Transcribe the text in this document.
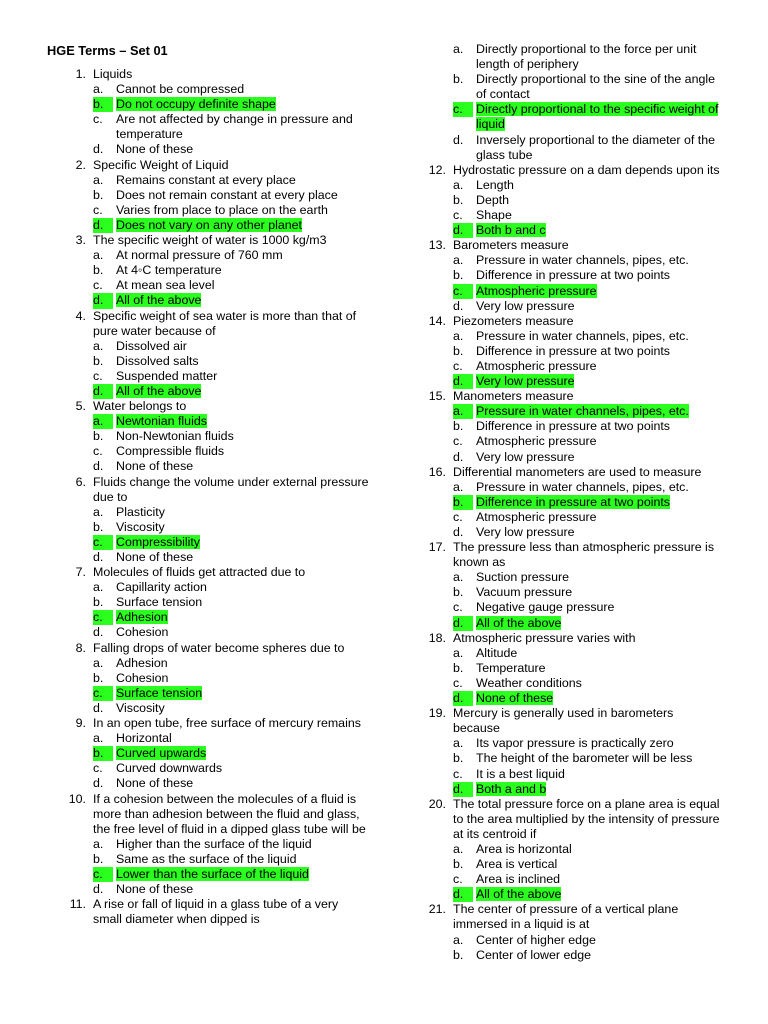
HGE Terms – Set 01
1. Liquids
a. Cannot be compressed
b.	Do not occupy definite shape
c. Are not affected by change in pressure and temperature
d. None of these
2. Specific Weight of Liquid
a. Remains constant at every place
b. Does not remain constant at every place
c. Varies from place to place on the earth
d.	Does not vary on any other planet
3. The specific weight of water is 1000 kg/m3
a. At normal pressure of 760 mm
b. At 4◦C temperature
c. At mean sea level
d.	All of the above
4. Specific weight of sea water is more than that of pure water because of
a. Dissolved air
b. Dissolved salts
c. Suspended matter
d.	All of the above
5. Water belongs to
a.	Newtonian fluids
b. Non-Newtonian fluids
c. Compressible fluids
d. None of these
6. Fluids change the volume under external pressure due to
a. Plasticity
b. Viscosity
c.	Compressibility
d. None of these
7. Molecules of fluids get attracted due to
a. Capillarity action
b. Surface tension
c.	Adhesion
d. Cohesion
8. Falling drops of water become spheres due to
a. Adhesion
b. Cohesion
c.	Surface tension
d. Viscosity
9. In an open tube, free surface of mercury remains
a. Horizontal
b.	Curved upwards
c. Curved downwards
d. None of these
10. If a cohesion between the molecules of a fluid is more than adhesion between the fluid and glass, the free level of fluid in a dipped glass tube will be
a. Higher than the surface of the liquid
b. Same as the surface of the liquid
c.	Lower than the surface of the liquid
d. None of these
11. A rise or fall of liquid in a glass tube of a very small diameter when dipped is
a. Directly proportional to the force per unit length of periphery
b. Directly proportional to the sine of the angle of contact
c.	Directly proportional to the specific weight of liquid
d. Inversely proportional to the diameter of the glass tube
12. Hydrostatic pressure on a dam depends upon its
a. Length
b. Depth
c. Shape
d.	Both b and c
13. Barometers measure
a. Pressure in water channels, pipes, etc.
b. Difference in pressure at two points
c.	Atmospheric pressure
d. Very low pressure
14. Piezometers measure
a. Pressure in water channels, pipes, etc.
b. Difference in pressure at two points
c. Atmospheric pressure
d.	Very low pressure
15. Manometers measure
a.	Pressure in water channels, pipes, etc.
b. Difference in pressure at two points
c. Atmospheric pressure
d. Very low pressure
16. Differential manometers are used to measure
a. Pressure in water channels, pipes, etc.
b.	Difference in pressure at two points
c. Atmospheric pressure
d. Very low pressure
17. The pressure less than atmospheric pressure is known as
a. Suction pressure
b. Vacuum pressure
c. Negative gauge pressure
d.	All of the above
18. Atmospheric pressure varies with
a. Altitude
b. Temperature
c. Weather conditions
d.	None of these
19. Mercury is generally used in barometers because
a. Its vapor pressure is practically zero
b. The height of the barometer will be less
c. It is a best liquid
d.	Both a and b
20. The total pressure force on a plane area is equal to the area multiplied by the intensity of pressure at its centroid if
a. Area is horizontal
b. Area is vertical
c. Area is inclined
d.	All of the above
21. The center of pressure of a vertical plane immersed in a liquid is at
a. Center of higher edge
b. Center of lower edge
